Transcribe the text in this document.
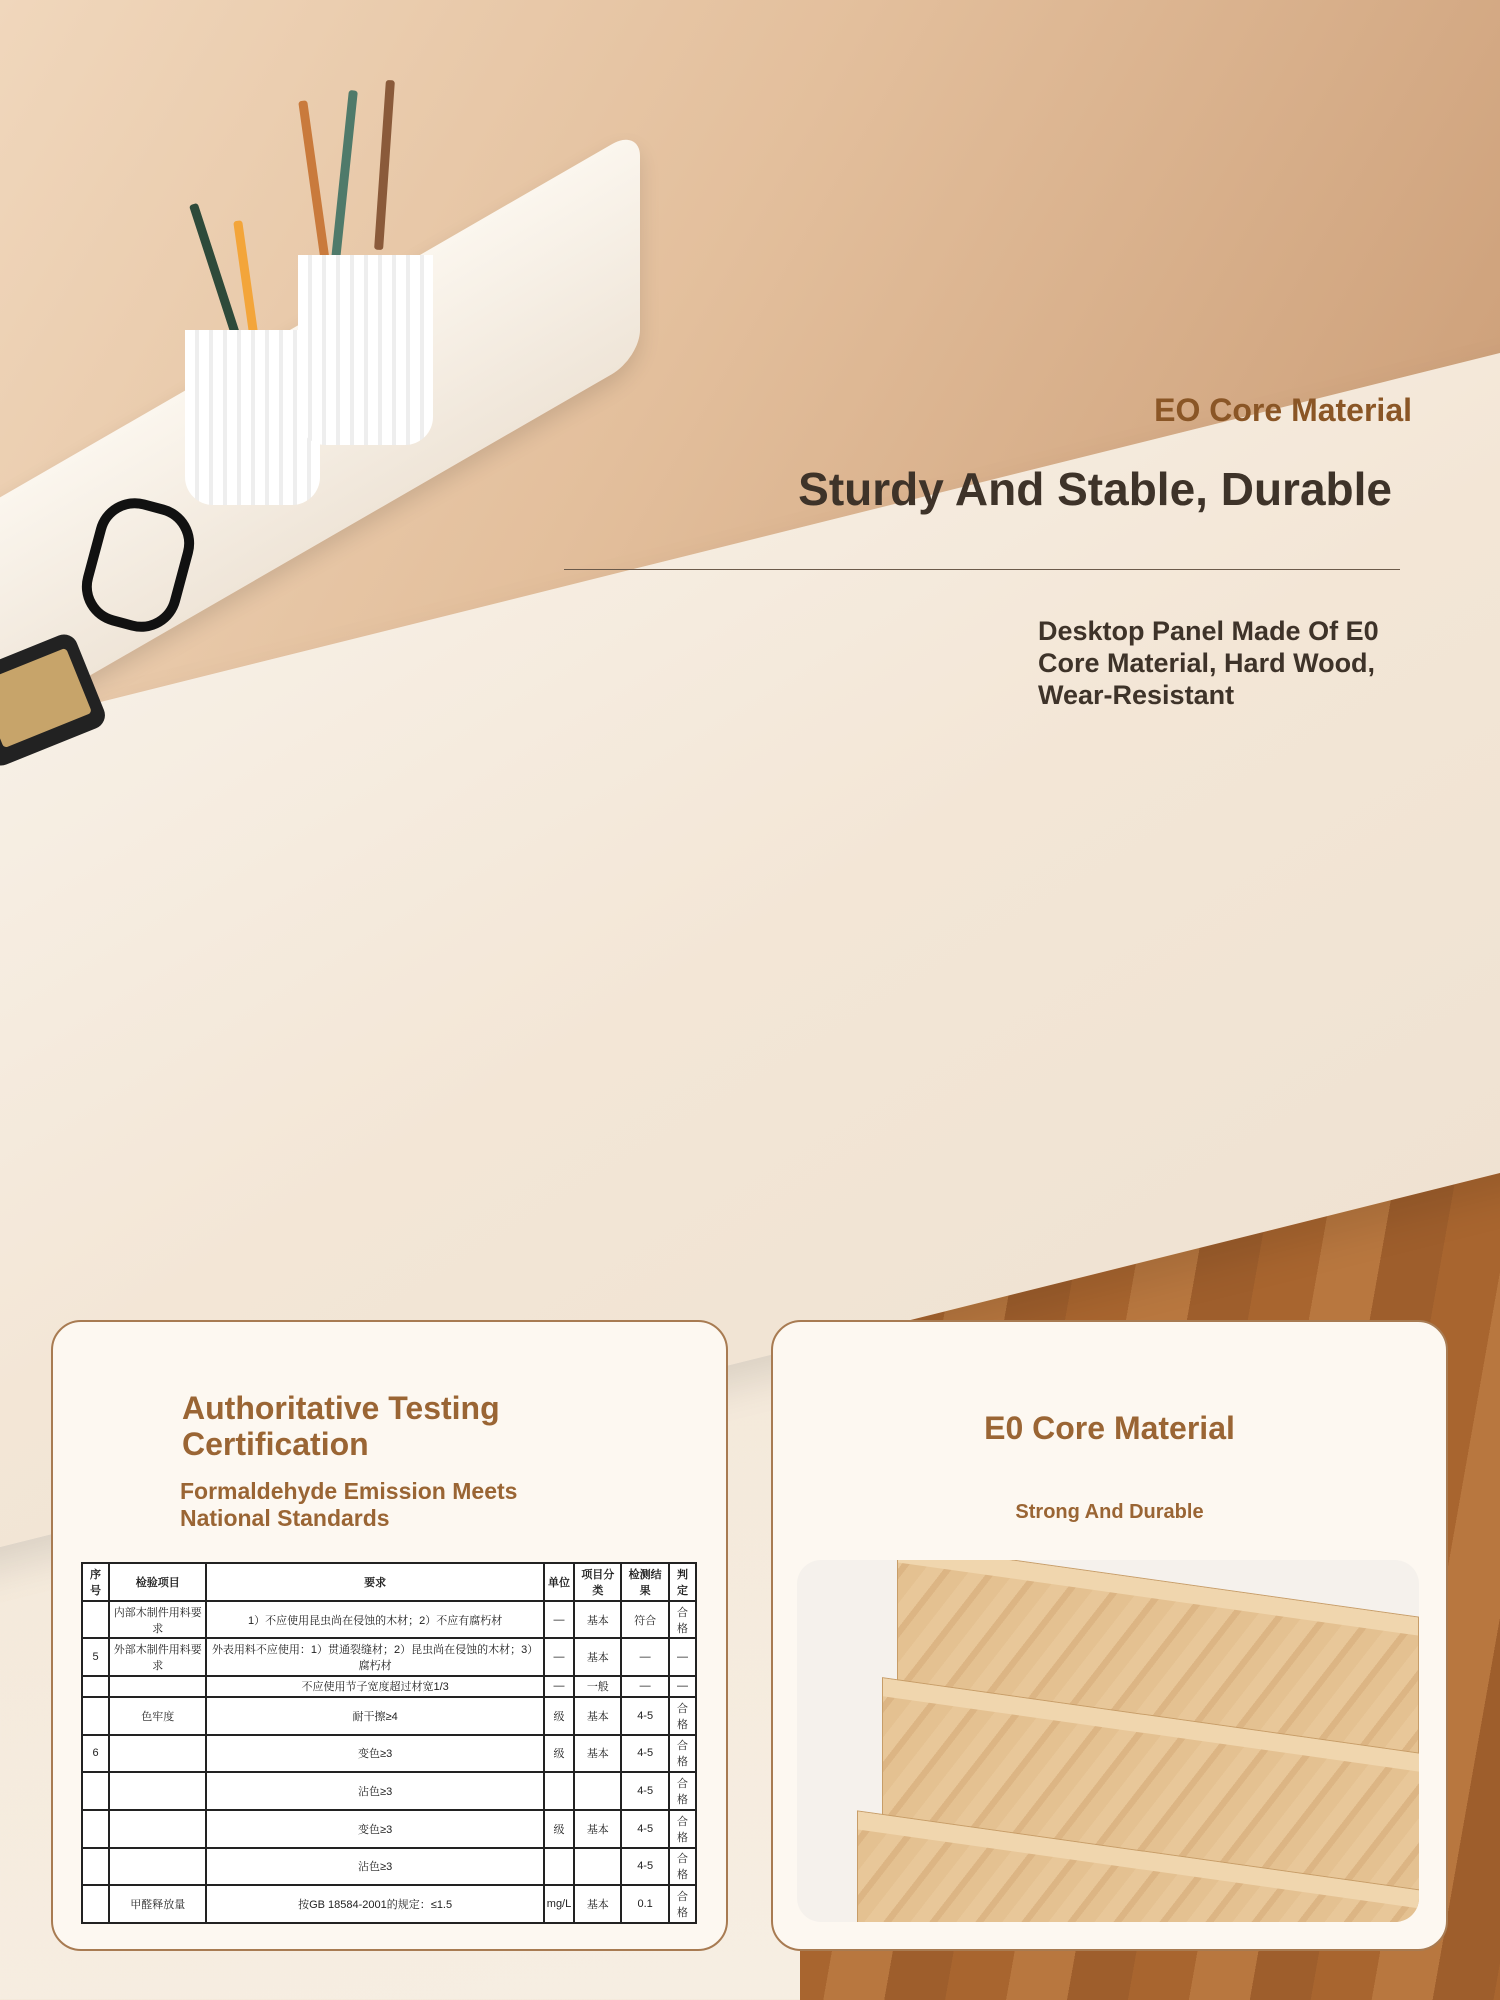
EO Core Material
Sturdy And Stable, Durable
Desktop Panel Made Of E0 Core Material, Hard Wood, Wear-Resistant
Authoritative Testing Certification
Formaldehyde Emission Meets National Standards
序号	检验项目	要求	单位	项目分类	检测结果	判定
	内部木制件用料要求	1）不应使用昆虫尚在侵蚀的木材；2）不应有腐朽材	—	基本	符合	合格
5	外部木制件用料要求	外表用料不应使用：1）贯通裂缝材；2）昆虫尚在侵蚀的木材；3）腐朽材	—	基本	—	—
		不应使用节子宽度超过材宽1/3	—	一般	—	—
	色牢度	耐干擦≥4	级	基本	4-5	合格
6		变色≥3	级	基本	4-5	合格
		沾色≥3			4-5	合格
		变色≥3	级	基本	4-5	合格
		沾色≥3			4-5	合格
	甲醛释放量	按GB 18584-2001的规定：≤1.5	mg/L	基本	0.1	合格
E0 Core Material
Strong And Durable
